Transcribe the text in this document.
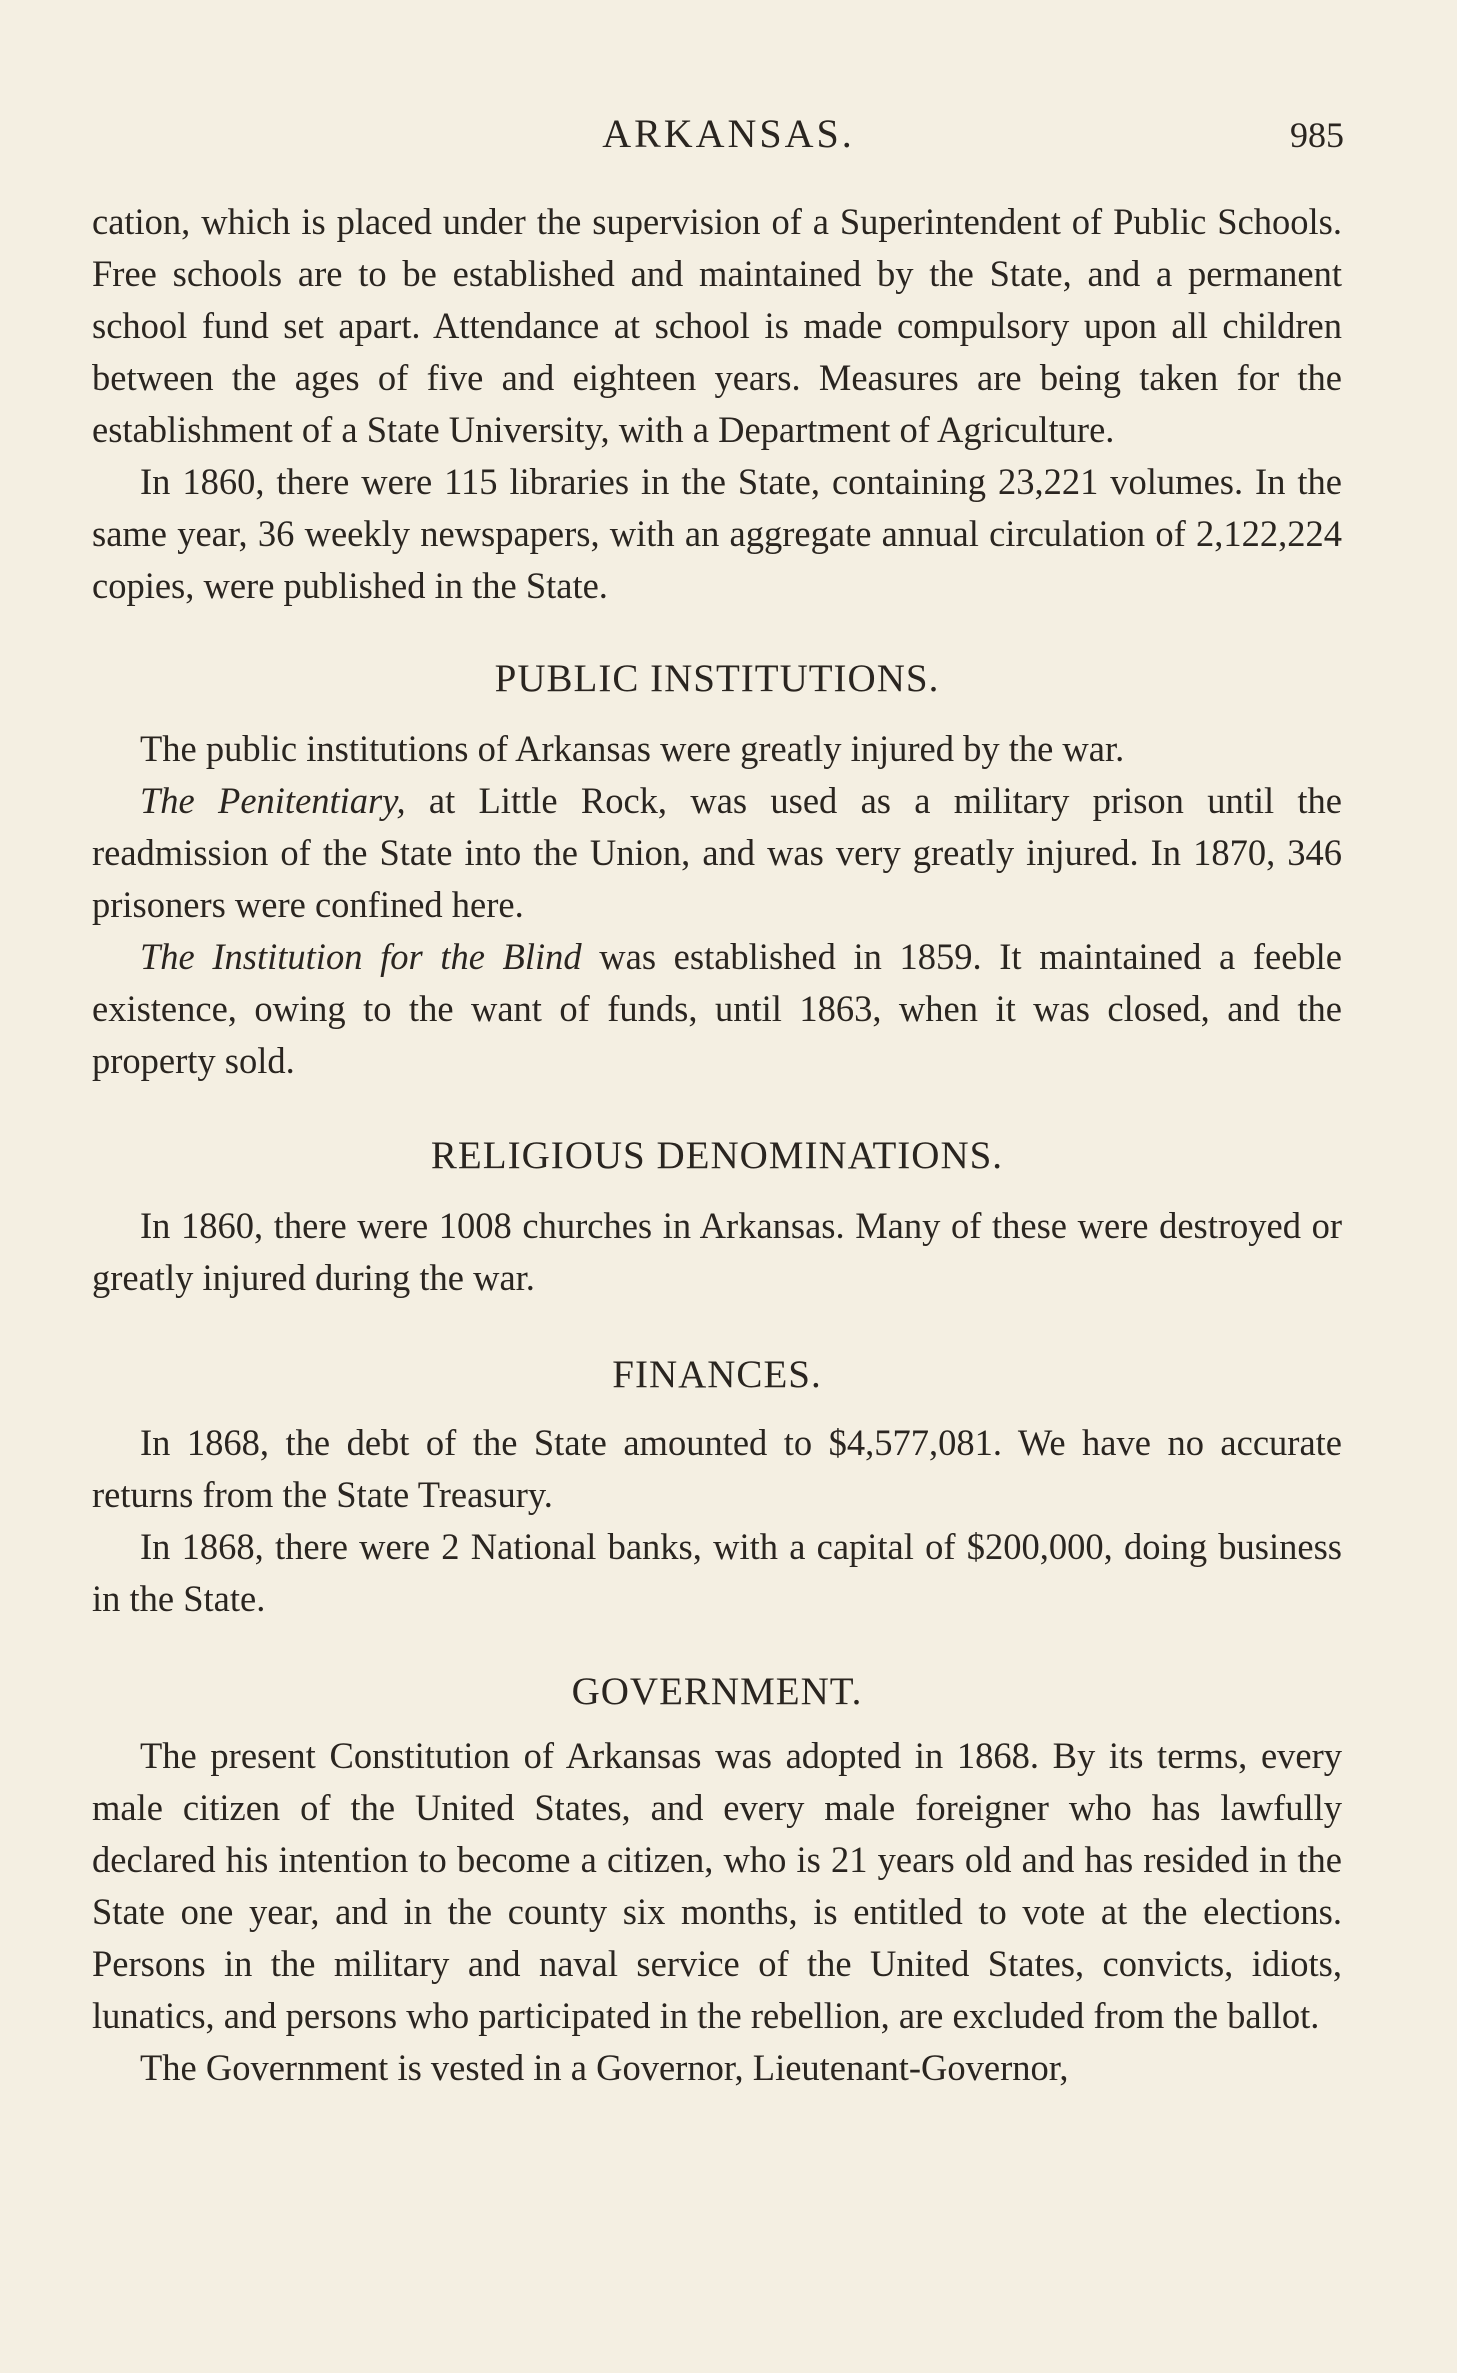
ARKANSAS.	985

cation, which is placed under the supervision of a Superintendent of Public Schools. Free schools are to be established and maintained by the State, and a permanent school fund set apart. Attendance at school is made compulsory upon all children between the ages of five and eighteen years. Measures are being taken for the establishment of a State University, with a Department of Agriculture.

In 1860, there were 115 libraries in the State, containing 23,221 volumes. In the same year, 36 weekly newspapers, with an aggregate annual circulation of 2,122,224 copies, were published in the State.

PUBLIC INSTITUTIONS.

The public institutions of Arkansas were greatly injured by the war.

The Penitentiary, at Little Rock, was used as a military prison until the readmission of the State into the Union, and was very greatly injured. In 1870, 346 prisoners were confined here.

The Institution for the Blind was established in 1859. It maintained a feeble existence, owing to the want of funds, until 1863, when it was closed, and the property sold.

RELIGIOUS DENOMINATIONS.

In 1860, there were 1008 churches in Arkansas. Many of these were destroyed or greatly injured during the war.

FINANCES.

In 1868, the debt of the State amounted to $4,577,081. We have no accurate returns from the State Treasury.

In 1868, there were 2 National banks, with a capital of $200,000, doing business in the State.

GOVERNMENT.

The present Constitution of Arkansas was adopted in 1868. By its terms, every male citizen of the United States, and every male foreigner who has lawfully declared his intention to become a citizen, who is 21 years old and has resided in the State one year, and in the county six months, is entitled to vote at the elections. Persons in the military and naval service of the United States, convicts, idiots, lunatics, and persons who participated in the rebellion, are excluded from the ballot.

The Government is vested in a Governor, Lieutenant-Governor,
